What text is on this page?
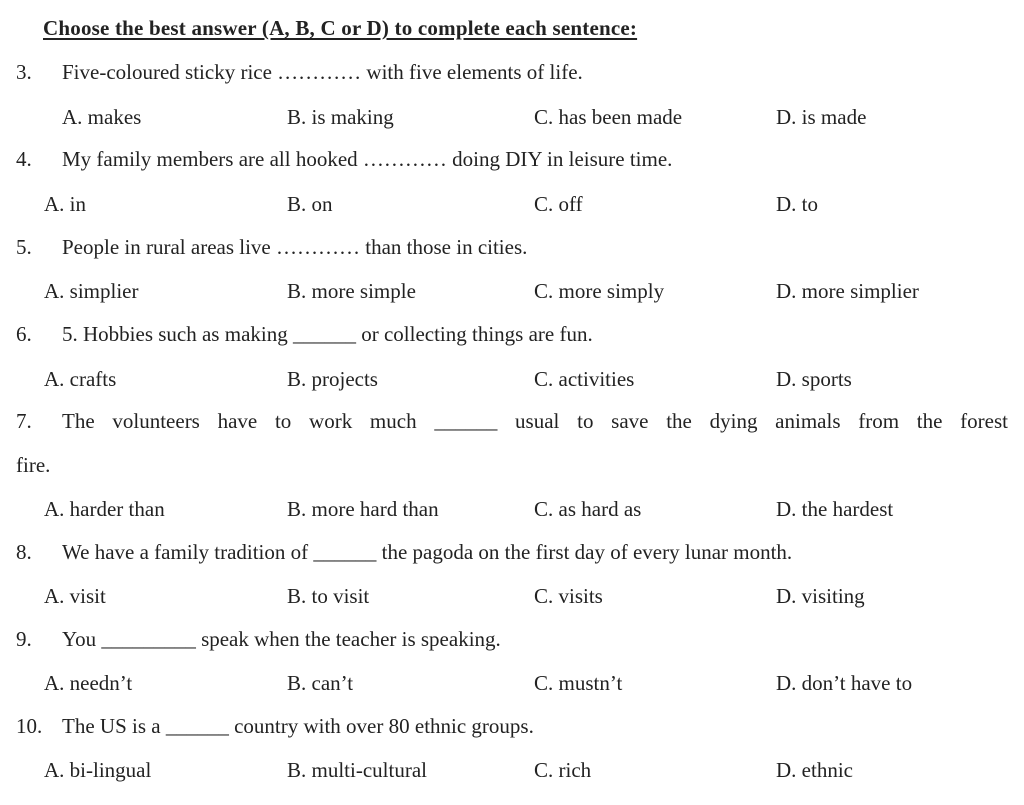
Choose the best answer (A, B, C or D) to complete each sentence:
3. Five-coloured sticky rice ………… with five elements of life.
A. makes	B. is making	C. has been made	D. is made
4. My family members are all hooked ………… doing DIY in leisure time.
A. in	B. on	C. off	D. to
5. People in rural areas live ………… than those in cities.
A. simplier	B. more simple	C. more simply	D. more simplier
6. 5. Hobbies such as making ______ or collecting things are fun.
A. crafts	B. projects	C. activities	D. sports
7.	The volunteers have to work much ______ usual to save the dying animals from the forest
fire.
A. harder than	B. more hard than	C. as hard as	D. the hardest
8. We have a family tradition of ______ the pagoda on the first day of every lunar month.
A. visit	B. to visit	C. visits	D. visiting
9. You _________ speak when the teacher is speaking.
A. needn’t	B. can’t	C. mustn’t	D. don’t have to
10. The US is a ______ country with over 80 ethnic groups.
A. bi-lingual	B. multi-cultural	C. rich	D. ethnic
